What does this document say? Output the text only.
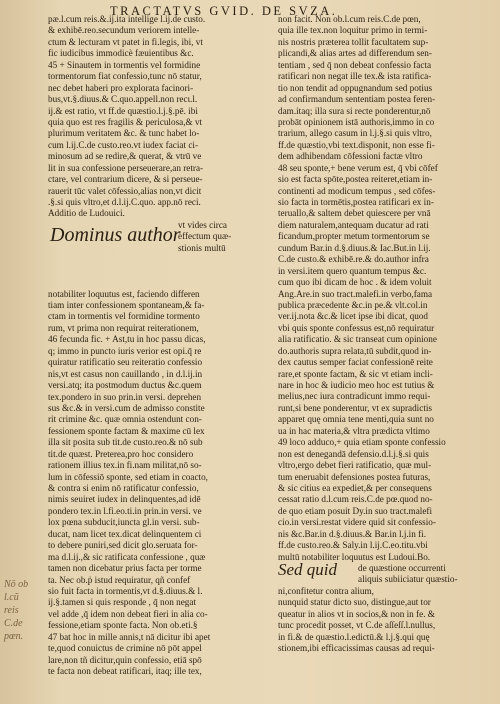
TRACTATVS GVID. DE SVZA.
pæ.l.cum reis.&.ij.ita intellige l.ij.de custo.
& exhibē.reo.secundum veriorem intelle-
ctum & lecturam vt patet in fi.legis, ibi, vt
fic iudicibus immodicè fæuientibus &c.
45 + Sinautem in tormentis vel formidine
tormentorum fiat confessio,tunc nō statur,
nec debet haberi pro explorata facinori-
bus,vt.§.diuus.& C.quo.appell.non recι.l.
ij.& est ratio, vt ff.de quæstio.l.j.§.pē. ibi
quia quo est res fragilis & periculosa,& vt
plurimum veritatem &c. & tunc habet lo-
cum l.ij.C.de custo.reo.vt iudex faciat ci-
minosum ad se redire,& querat, & vtrū ve
lit in sua confessione perseuerare,an retra-
ctare, vel contrarium dicere, & si perseue-
rauerit tūc valet cōfessio,alias non,vt dicit
.§.si quis vltro,et d.l.ij.C.quo. app.nō reci.
Additio de Ludouici.
Dominus author
vt vides circa
effectum quæ-
stionis multū
notabiliter loquutus est, faciendo differen
tiam inter confessionem spontaneam,& fa-
ctam in tormentis vel formidine tormento
rum, vt prima non requirat reiterationem,
46 fecunda fic. + Ast,tu in hoc passu dicas,
q; immo in puncto iuris verior est opi.q̄ re
quiratur ratificatio seu reiteratio confessio
nis,vt est casus non cauillando , in d.l.ij.in
versi.atq; ita postmodum ductus &c.quem
tex.pondero in suo prin.in versi. deprehen
sus &c.& in versi.cum de admisso constite
rit crimine &c. quæ omnia ostendunt con-
fessionem sponte factam & maxime cū lex
illa sit posita sub tit.de custo.reo.& nō sub
tit.de quæst. Preterea,pro hoc considero
rationem illius tex.in fi.nam militat,nō so-
lum in cōfessiō sponte, sed etiam in coacto,
& contra si enim nō ratificatur confessio,
nimis seuiret iudex in delinquentes,ad idē
pondero tex.in l.fi.eo.ti.in prin.in versi. ve
lox pœna subducit,iuncta gl.in versi. sub-
ducat, nam licet tex.dicat delinquentem ci
to debere puniri,sed dicit glo.seruata for-
ma d.l.ij.,& sic ratificata confessione , quæ
tamen non dicebatur prius facta per torme
ta. Nec ob.ṗ istud requiratur, qñ confef
sio fuit facta in tormentis,vt d.§.diuus.& l.
ij.§.tamen si quis responde , q̄ non negat
vel adde ,q̄ idem non debeat fieri in alia co-
fessione,etiam sponte facta. Non ob.eti.§
47 bat hoc in mille annis,t nā dicitur ibi apet
te,quod conuictus de crimine nō pōt appel
lare,non tñ dicitur,quin confessio, etiā spō
te facta non debeat ratificari, itaq; ille tex,
non facit. Non ob.l.cum reis.C.de pœn,
quia ille tex.non loquitur primo in termi-
nis nostris præterea tollit facultatem sup-
plicandi,& alias artes ad differendum sen-
tentiam , sed q̄ non debeat confessio facta
ratificari non negat ille tex.& ista ratifica-
tio non tendit ad oppugnandum sed potius
ad confirmandum sententiam postea feren-
dam.itaq; illa sura si recte ponderentur,nō
probāt opinionem istā authoris,immo in co
trarium, allego casum in l.j.§.si quis vltro,
ff.de quæstio,vbi text.disponit, non esse fi-
dem adhibendam cōfessioni factæ vltro
48 seu sponte,+ bene verum est, q̄ vbi cōfef
sio est facta spōte,postea reiteret,etiam in-
continenti ad modicum tempus , sed cōfes-
sio facta in tormētis,postea ratificari ex in-
teruallo,& saltem debet quiescere per vnā
diem naturalem,antequam ducatur ad rati
ficandum,propter metum tormentorum se
cundum Bar.in d.§.diuus.& Iac.But.in l.ij.
C.de custo.& exhibē.re.& do.author infra
in versi.item quero quantum tempus &c.
cum quo ibi dicam de hoc . & idem voluit
Ang.Are.in suo tract.malefi.in verbo,fama
publica præcedente &c.in pe.& vlt.col.in
ver.ij.nota &c.& licet ipse ibi dicat, quod
vbi quis sponte confessus est,nō requiratur
alia ratificatio. & sic transeat cum opinione
do.authoris supra relata,tū subdit,quod in-
dex cautus semper faciat confessionē reite
rare,et sponte factam, & sic vt etiam incli-
nare in hoc & iudicio meo hoc est tutius &
melius,nec iura contradicunt immo requi-
runt,si bene ponderentur, vt ex supradictis
apparet quę omnia tene menti,quia sunt no
ua in hac materia,& vltra prædicta vltimo
49 loco adduco,+ quia etiam sponte confessio
non est denegandā defensio.d.l.j.§.si quis
vltro,ergo debet fieri ratificatio, quæ mul-
tum eneruabit defensiones postea futuras,
& sic citius ea expediet,& per consequens
cessat ratio d.l.cum reis.C.de pœ.quod no-
de quo etiam posuit Dy.in suo tract.malefi
cio.in versi.restat videre quid sit confessio-
nis &c.Bar.in d.§.diuus.& Bar.in l.j.in fi.
ff.de custo.reo.& Saly.in l.ij.C.eo.titu.vbi
multū notabiliter loquutus est Ludoui.Bo.
Sed quid de quæstione occurrenti
aliquis subiiciatur quæstio-
ni,confitetur contra alium,
nunquid statur dicto suo, distingue,aut tor
queatur in alios vt in socios,& non in fe. &
tunc procedit posset, vt C.de aſſeſſ.l.nullus,
in fi.& de quæstio.l.edictū.& l.j.§.qui quę
stionem,ibi efficacissimas causas ad requi-
Nō ob
l.cũ
reis
C.de
pœn.
